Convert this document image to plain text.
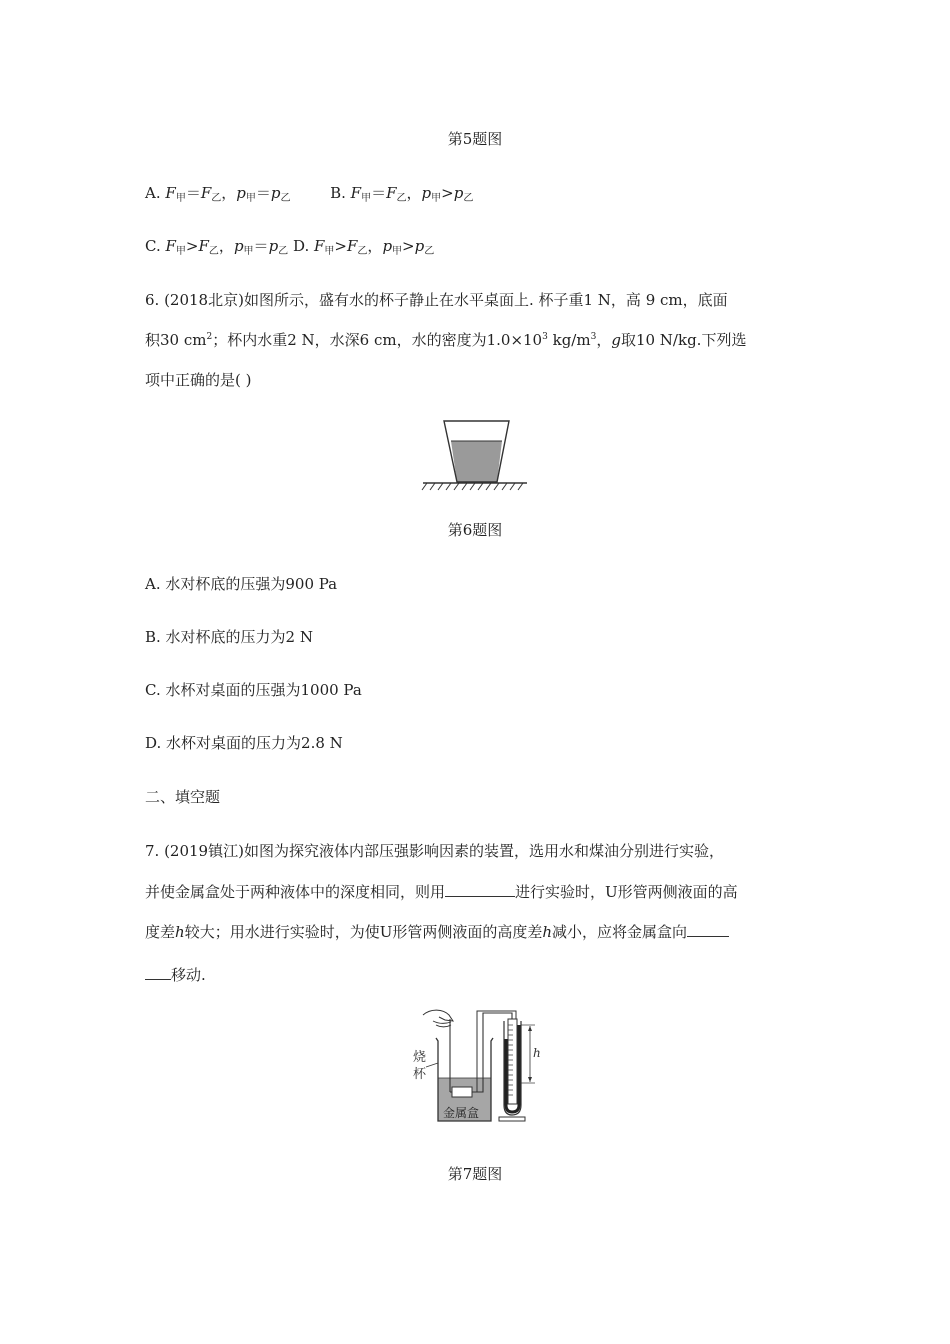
第5题图
A. $F_甲=F_乙$，$p_甲=p_乙$	B. $F_甲=F_乙$，$p_甲>p_乙$
C. $F_甲>F_乙$，$p_甲=p_乙$ D. $F_甲>F_乙$，$p_甲>p_乙$
6. (2018北京)如图所示，盛有水的杯子静止在水平桌面上. 杯子重1 N，高 9 cm，底面
积30 $cm^2$；杯内水重2 N，水深6 cm，水的密度为$1.0\times 10^3$ $kg/m^3$，g取10 N/kg.下列选
项中正确的是( )
第6题图
A. 水对杯底的压强为900 Pa
B. 水对杯底的压力为2 N
C. 水杯对桌面的压强为1000 Pa
D. 水杯对桌面的压力为2.8 N
二、填空题
7. (2019镇江)如图为探究液体内部压强影响因素的装置，选用水和煤油分别进行实验，
并使金属盒处于两种液体中的深度相同，则用	进行实验时，U形管两侧液面的高
度差h较大；用水进行实验时，为使U形管两侧液面的高度差h减小，应将金属盒向
移动.
烧
杯
金属盒
h
第7题图
